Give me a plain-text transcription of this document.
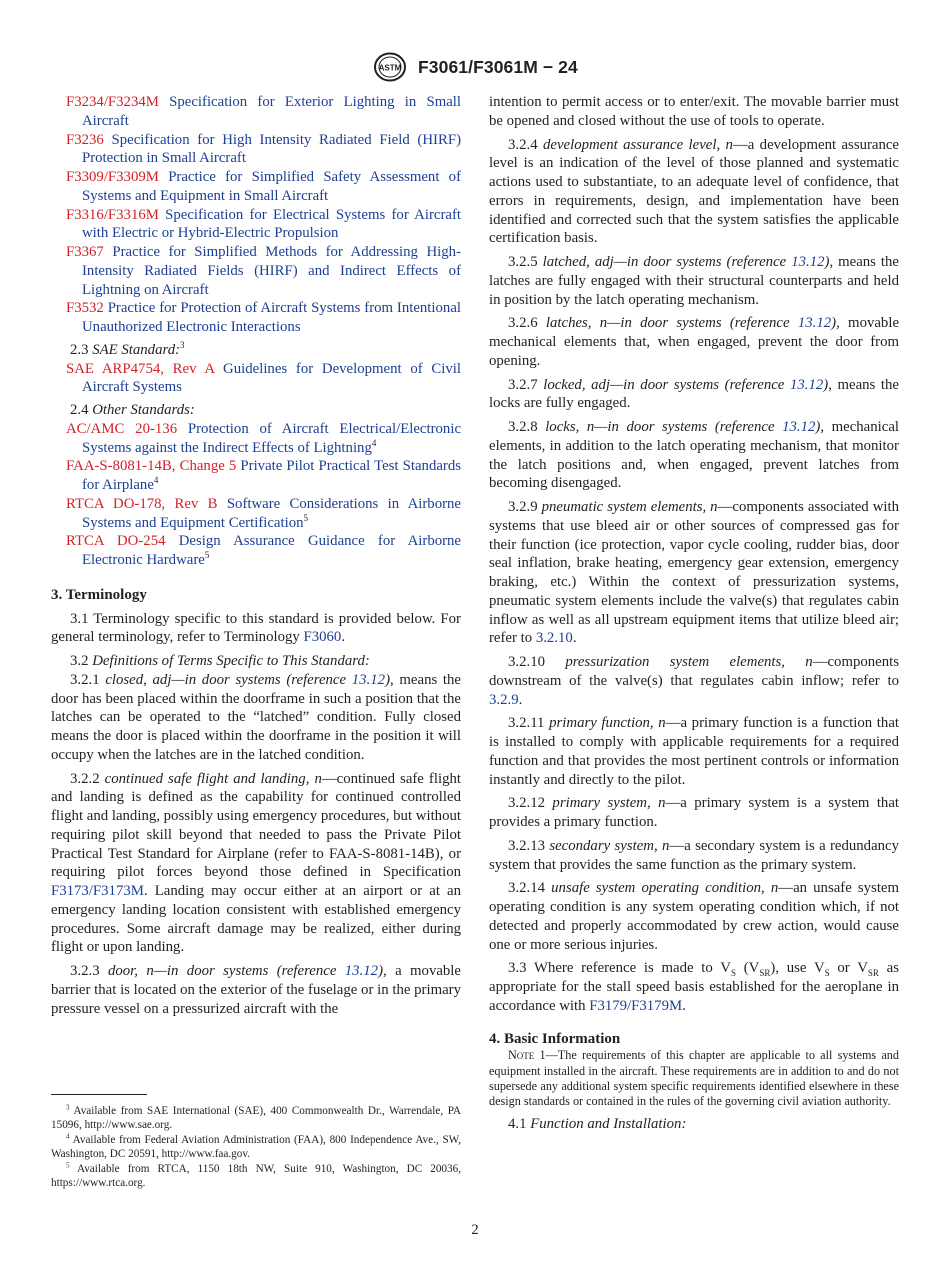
ASTM F3061/F3061M − 24

F3234/F3234M Specification for Exterior Lighting in Small Aircraft

F3236 Specification for High Intensity Radiated Field (HIRF) Protection in Small Aircraft

F3309/F3309M Practice for Simplified Safety Assessment of Systems and Equipment in Small Aircraft

F3316/F3316M Specification for Electrical Systems for Aircraft with Electric or Hybrid-Electric Propulsion

F3367 Practice for Simplified Methods for Addressing High-Intensity Radiated Fields (HIRF) and Indirect Effects of Lightning on Aircraft

F3532 Practice for Protection of Aircraft Systems from Intentional Unauthorized Electronic Interactions

2.3 SAE Standard:$^3$

SAE ARP4754, Rev A Guidelines for Development of Civil Aircraft Systems

2.4 Other Standards:

AC/AMC 20-136 Protection of Aircraft Electrical/Electronic Systems against the Indirect Effects of Lightning$^4$

FAA-S-8081-14B, Change 5 Private Pilot Practical Test Standards for Airplane$^4$

RTCA DO-178, Rev B Software Considerations in Airborne Systems and Equipment Certification$^5$

RTCA DO-254 Design Assurance Guidance for Airborne Electronic Hardware$^5$

3. Terminology

3.1 Terminology specific to this standard is provided below. For general terminology, refer to Terminology F3060.

3.2 Definitions of Terms Specific to This Standard:

3.2.1 closed, adj—in door systems (reference 13.12), means the door has been placed within the doorframe in such a position that the latches can be operated to the “latched” condition. Fully closed means the door is placed within the doorframe in the position it will occupy when the latches are in the latched condition.

3.2.2 continued safe flight and landing, n—continued safe flight and landing is defined as the capability for continued controlled flight and landing, possibly using emergency procedures, but without requiring pilot skill beyond that needed to pass the Private Pilot Practical Test Standard for Airplane (refer to FAA-S-8081-14B), or requiring pilot forces beyond those defined in Specification F3173/F3173M. Landing may occur either at an airport or at an emergency landing location consistent with established emergency procedures. Some aircraft damage may be realized, either during flight or upon landing.

3.2.3 door, n—in door systems (reference 13.12), a movable barrier that is located on the exterior of the fuselage or in the primary pressure vessel on a pressurized aircraft with the

intention to permit access or to enter/exit. The movable barrier must be opened and closed without the use of tools to operate.

3.2.4 development assurance level, n—a development assurance level is an indication of the level of those planned and systematic actions used to substantiate, to an adequate level of confidence, that errors in requirements, design, and implementation have been identified and corrected such that the system satisfies the applicable certification basis.

3.2.5 latched, adj—in door systems (reference 13.12), means the latches are fully engaged with their structural counterparts and held in position by the latch operating mechanism.

3.2.6 latches, n—in door systems (reference 13.12), movable mechanical elements that, when engaged, prevent the door from opening.

3.2.7 locked, adj—in door systems (reference 13.12), means the locks are fully engaged.

3.2.8 locks, n—in door systems (reference 13.12), mechanical elements, in addition to the latch operating mechanism, that monitor the latch positions and, when engaged, prevent latches from becoming disengaged.

3.2.9 pneumatic system elements, n—components associated with systems that use bleed air or other sources of compressed gas for their function (ice protection, vapor cycle cooling, rudder bias, door seal inflation, brake heating, emergency gear extension, emergency braking, etc.) Within the context of pressurization systems, pneumatic system elements include the valve(s) that regulates cabin inflow as well as all upstream equipment items that utilize bleed air; refer to 3.2.10.

3.2.10 pressurization system elements, n—components downstream of the valve(s) that regulates cabin inflow; refer to 3.2.9.

3.2.11 primary function, n—a primary function is a function that is installed to comply with applicable requirements for a required function and that provides the most pertinent controls or information instantly and directly to the pilot.

3.2.12 primary system, n—a primary system is a system that provides a primary function.

3.2.13 secondary system, n—a secondary system is a redundancy system that provides the same function as the primary system.

3.2.14 unsafe system operating condition, n—an unsafe system operating condition is any system operating condition which, if not detected and properly accommodated by crew action, would cause one or more serious injuries.

3.3 Where reference is made to $V_S$ $(V_{SR})$, use $V_S$ or $V_{SR}$ as appropriate for the stall speed basis established for the aeroplane in accordance with F3179/F3179M.

4. Basic Information

Note 1—The requirements of this chapter are applicable to all systems and equipment installed in the aircraft. These requirements are in addition to and do not supersede any additional system specific requirements identified elsewhere in these design standards or contained in the rules of the governing civil aviation authority.

4.1 Function and Installation:

$^3$ Available from SAE International (SAE), 400 Commonwealth Dr., Warrendale, PA 15096, http://www.sae.org.

$^4$ Available from Federal Aviation Administration (FAA), 800 Independence Ave., SW, Washington, DC 20591, http://www.faa.gov.

$^5$ Available from RTCA, 1150 18th NW, Suite 910, Washington, DC 20036, https://www.rtca.org.

2
